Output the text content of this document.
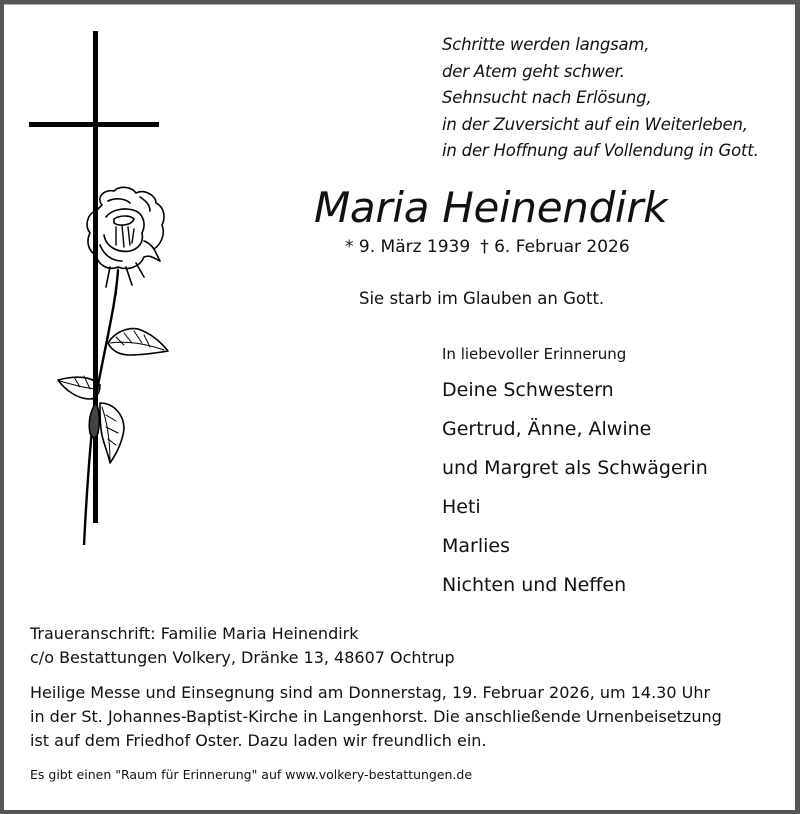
Schritte werden langsam,
der Atem geht schwer.
Sehnsucht nach Erlösung,
in der Zuversicht auf ein Weiterleben,
in der Hoffnung auf Vollendung in Gott.
Maria Heinendirk
* 9. März 1939 † 6. Februar 2026
Sie starb im Glauben an Gott.
In liebevoller Erinnerung
Deine Schwestern
Gertrud, Änne, Alwine
und Margret als Schwägerin
Heti
Marlies
Nichten und Neffen
Traueranschrift: Familie Maria Heinendirk
c/o Bestattungen Volkery, Dränke 13, 48607 Ochtrup
Heilige Messe und Einsegnung sind am Donnerstag, 19. Februar 2026, um 14.30 Uhr
in der St. Johannes-Baptist-Kirche in Langenhorst. Die anschließende Urnenbeisetzung
ist auf dem Friedhof Oster. Dazu laden wir freundlich ein.
Es gibt einen "Raum für Erinnerung" auf www.volkery-bestattungen.de
